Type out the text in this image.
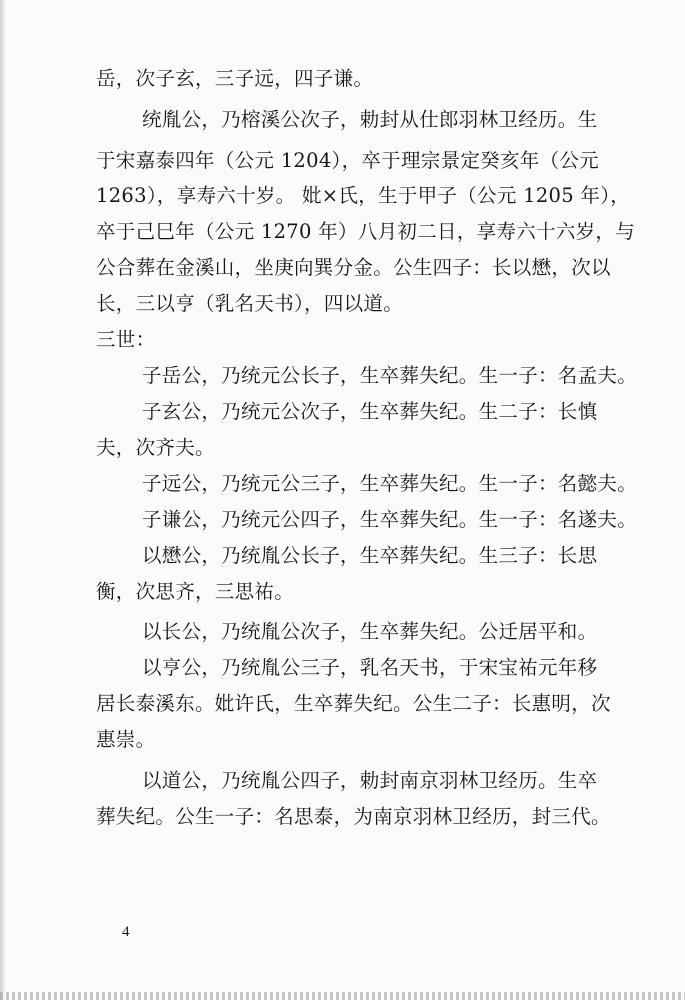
岳，次子玄，三子远，四子谦。
统胤公，乃榕溪公次子，勅封从仕郎羽林卫经历。生
于宋嘉泰四年（公元 1204），卒于理宗景定癸亥年（公元
1263），享寿六十岁。 妣×氏，生于甲子（公元 1205 年），
卒于己巳年（公元 1270 年）八月初二日，享寿六十六岁，与
公合葬在金溪山，坐庚向巽分金。公生四子：长以懋，次以
长，三以亨（乳名天书），四以道。
三世：
子岳公，乃统元公长子，生卒葬失纪。生一子：名孟夫。
子玄公，乃统元公次子，生卒葬失纪。生二子：长慎
夫，次齐夫。
子远公，乃统元公三子，生卒葬失纪。生一子：名懿夫。
子谦公，乃统元公四子，生卒葬失纪。生一子：名遂夫。
以懋公，乃统胤公长子，生卒葬失纪。生三子：长思
衡，次思齐，三思祐。
以长公，乃统胤公次子，生卒葬失纪。公迁居平和。
以亨公，乃统胤公三子，乳名天书，于宋宝祐元年移
居长泰溪东。妣许氏，生卒葬失纪。公生二子：长惠明，次
惠崇。
以道公，乃统胤公四子，勅封南京羽林卫经历。生卒
葬失纪。公生一子：名思泰，为南京羽林卫经历，封三代。
4
